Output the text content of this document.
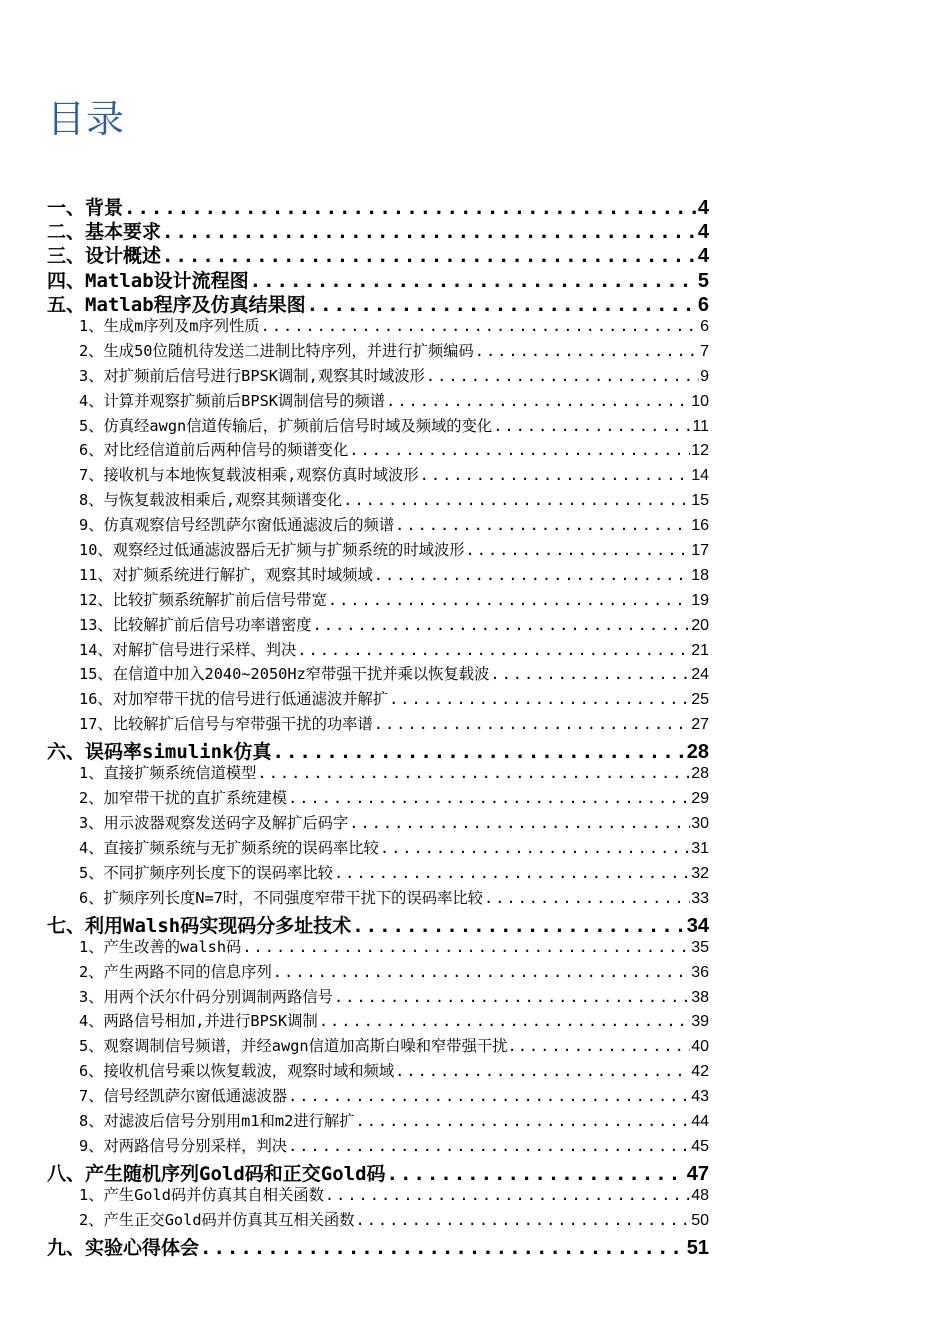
目录
一、背景 .....	4
二、基本要求 .....	4
三、设计概述 .....	4
四、Matlab设计流程图 .....	5
五、Matlab程序及仿真结果图 .....	6
1、生成m序列及m序列性质 .....	6
2、生成50位随机待发送二进制比特序列，并进行扩频编码 .....	7
3、对扩频前后信号进行BPSK调制,观察其时域波形 .....	9
4、计算并观察扩频前后BPSK调制信号的频谱 .....	10
5、仿真经awgn信道传输后，扩频前后信号时域及频域的变化 .....	11
6、对比经信道前后两种信号的频谱变化 .....	12
7、接收机与本地恢复载波相乘,观察仿真时域波形 .....	14
8、与恢复载波相乘后,观察其频谱变化 .....	15
9、仿真观察信号经凯萨尔窗低通滤波后的频谱 .....	16
10、观察经过低通滤波器后无扩频与扩频系统的时域波形 .....	17
11、对扩频系统进行解扩，观察其时域频域 .....	18
12、比较扩频系统解扩前后信号带宽 .....	19
13、比较解扩前后信号功率谱密度 .....	20
14、对解扩信号进行采样、判决 .....	21
15、在信道中加入2040~2050Hz窄带强干扰并乘以恢复载波 .....	24
16、对加窄带干扰的信号进行低通滤波并解扩 .....	25
17、比较解扩后信号与窄带强干扰的功率谱 .....	27
六、误码率simulink仿真 .....	28
1、直接扩频系统信道模型 .....	28
2、加窄带干扰的直扩系统建模 .....	29
3、用示波器观察发送码字及解扩后码字 .....	30
4、直接扩频系统与无扩频系统的误码率比较 .....	31
5、不同扩频序列长度下的误码率比较 .....	32
6、扩频序列长度N=7时，不同强度窄带干扰下的误码率比较 .....	33
七、利用Walsh码实现码分多址技术 .....	34
1、产生改善的walsh码 .....	35
2、产生两路不同的信息序列 .....	36
3、用两个沃尔什码分别调制两路信号 .....	38
4、两路信号相加,并进行BPSK调制 .....	39
5、观察调制信号频谱，并经awgn信道加高斯白噪和窄带强干扰. .....	40
6、接收机信号乘以恢复载波，观察时域和频域 .....	42
7、信号经凯萨尔窗低通滤波器 .....	43
8、对滤波后信号分别用m1和m2进行解扩 .....	44
9、对两路信号分别采样，判决 .....	45
八、产生随机序列Gold码和正交Gold码 .....	47
1、产生Gold码并仿真其自相关函数 .....	48
2、产生正交Gold码并仿真其互相关函数 .....	50
九、实验心得体会 .....	51
